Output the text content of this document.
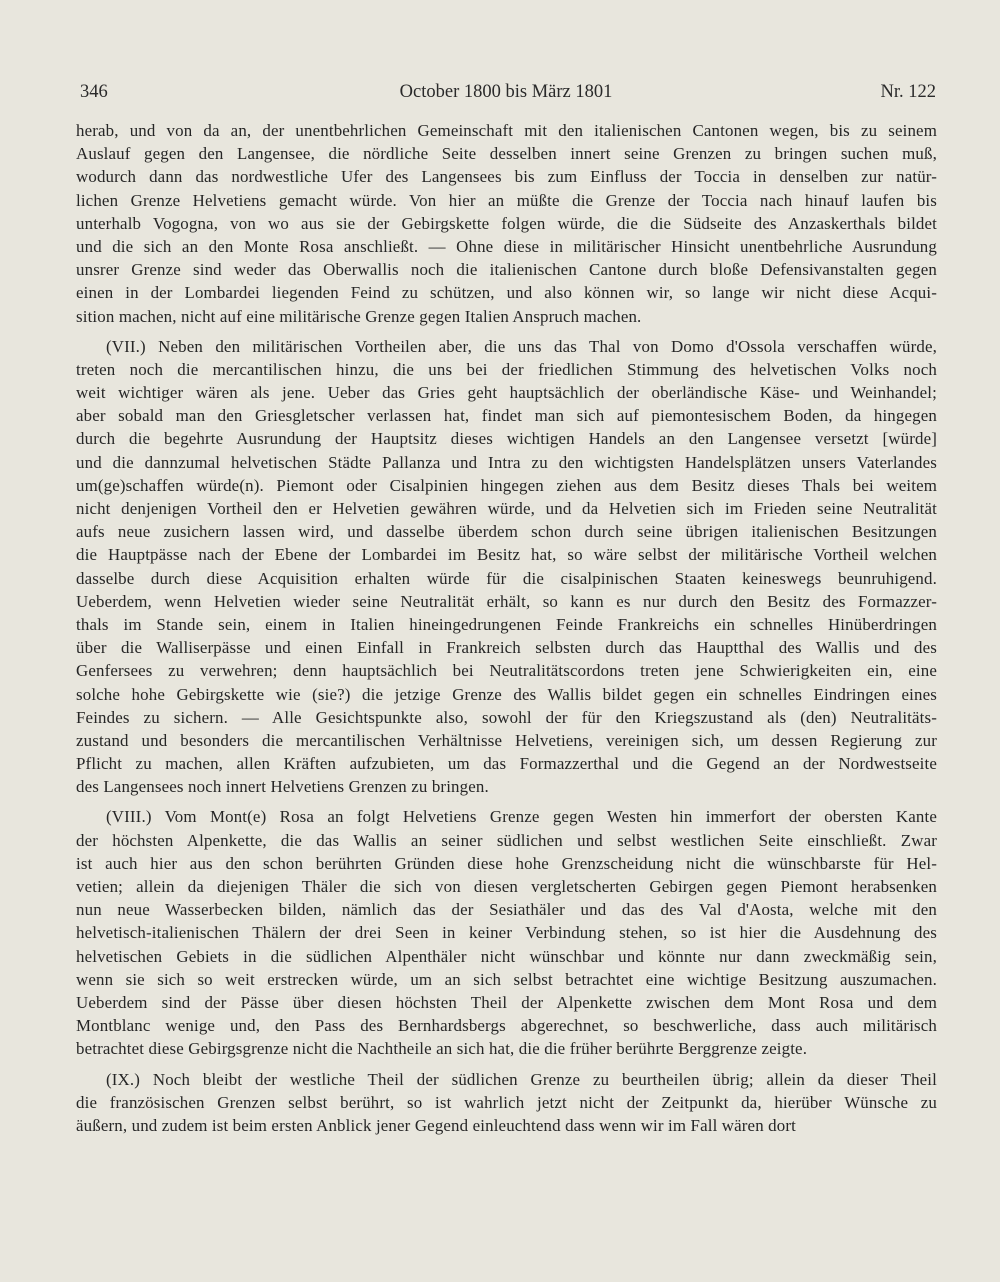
346	October 1800 bis März 1801	Nr. 122
herab, und von da an, der unentbehrlichen Gemeinschaft mit den italienischen Cantonen wegen, bis zu seinem
Auslauf gegen den Langensee, die nördliche Seite desselben innert seine Grenzen zu bringen suchen muß,
wodurch dann das nordwestliche Ufer des Langensees bis zum Einfluss der Toccia in denselben zur natür-
lichen Grenze Helvetiens gemacht würde. Von hier an müßte die Grenze der Toccia nach hinauf laufen bis
unterhalb Vogogna, von wo aus sie der Gebirgskette folgen würde, die die Südseite des Anzaskerthals bildet
und die sich an den Monte Rosa anschließt. — Ohne diese in militärischer Hinsicht unentbehrliche Ausrundung
unsrer Grenze sind weder das Oberwallis noch die italienischen Cantone durch bloße Defensivanstalten gegen
einen in der Lombardei liegenden Feind zu schützen, und also können wir, so lange wir nicht diese Acqui-
sition machen, nicht auf eine militärische Grenze gegen Italien Anspruch machen.
(VII.) Neben den militärischen Vortheilen aber, die uns das Thal von Domo d'Ossola verschaffen würde,
treten noch die mercantilischen hinzu, die uns bei der friedlichen Stimmung des helvetischen Volks noch
weit wichtiger wären als jene. Ueber das Gries geht hauptsächlich der oberländische Käse- und Weinhandel;
aber sobald man den Griesgletscher verlassen hat, findet man sich auf piemontesischem Boden, da hingegen
durch die begehrte Ausrundung der Hauptsitz dieses wichtigen Handels an den Langensee versetzt [würde]
und die dannzumal helvetischen Städte Pallanza und Intra zu den wichtigsten Handelsplätzen unsers Vaterlandes
um(ge)schaffen würde(n). Piemont oder Cisalpinien hingegen ziehen aus dem Besitz dieses Thals bei weitem
nicht denjenigen Vortheil den er Helvetien gewähren würde, und da Helvetien sich im Frieden seine Neutralität
aufs neue zusichern lassen wird, und dasselbe überdem schon durch seine übrigen italienischen Besitzungen
die Hauptpässe nach der Ebene der Lombardei im Besitz hat, so wäre selbst der militärische Vortheil welchen
dasselbe durch diese Acquisition erhalten würde für die cisalpinischen Staaten keineswegs beunruhigend.
Ueberdem, wenn Helvetien wieder seine Neutralität erhält, so kann es nur durch den Besitz des Formazzer-
thals im Stande sein, einem in Italien hineingedrungenen Feinde Frankreichs ein schnelles Hinüberdringen
über die Walliserpässe und einen Einfall in Frankreich selbsten durch das Hauptthal des Wallis und des
Genfersees zu verwehren; denn hauptsächlich bei Neutralitätscordons treten jene Schwierigkeiten ein, eine
solche hohe Gebirgskette wie (sie?) die jetzige Grenze des Wallis bildet gegen ein schnelles Eindringen eines
Feindes zu sichern. — Alle Gesichtspunkte also, sowohl der für den Kriegszustand als (den) Neutralitäts-
zustand und besonders die mercantilischen Verhältnisse Helvetiens, vereinigen sich, um dessen Regierung zur
Pflicht zu machen, allen Kräften aufzubieten, um das Formazzerthal und die Gegend an der Nordwestseite
des Langensees noch innert Helvetiens Grenzen zu bringen.
(VIII.) Vom Mont(e) Rosa an folgt Helvetiens Grenze gegen Westen hin immerfort der obersten Kante
der höchsten Alpenkette, die das Wallis an seiner südlichen und selbst westlichen Seite einschließt. Zwar
ist auch hier aus den schon berührten Gründen diese hohe Grenzscheidung nicht die wünschbarste für Hel-
vetien; allein da diejenigen Thäler die sich von diesen vergletscherten Gebirgen gegen Piemont herabsenken
nun neue Wasserbecken bilden, nämlich das der Sesiathäler und das des Val d'Aosta, welche mit den
helvetisch-italienischen Thälern der drei Seen in keiner Verbindung stehen, so ist hier die Ausdehnung des
helvetischen Gebiets in die südlichen Alpenthäler nicht wünschbar und könnte nur dann zweckmäßig sein,
wenn sie sich so weit erstrecken würde, um an sich selbst betrachtet eine wichtige Besitzung auszumachen.
Ueberdem sind der Pässe über diesen höchsten Theil der Alpenkette zwischen dem Mont Rosa und dem
Montblanc wenige und, den Pass des Bernhardsbergs abgerechnet, so beschwerliche, dass auch militärisch
betrachtet diese Gebirgsgrenze nicht die Nachtheile an sich hat, die die früher berührte Berggrenze zeigte.
(IX.) Noch bleibt der westliche Theil der südlichen Grenze zu beurtheilen übrig; allein da dieser Theil
die französischen Grenzen selbst berührt, so ist wahrlich jetzt nicht der Zeitpunkt da, hierüber Wünsche zu
äußern, und zudem ist beim ersten Anblick jener Gegend einleuchtend dass wenn wir im Fall wären dort
